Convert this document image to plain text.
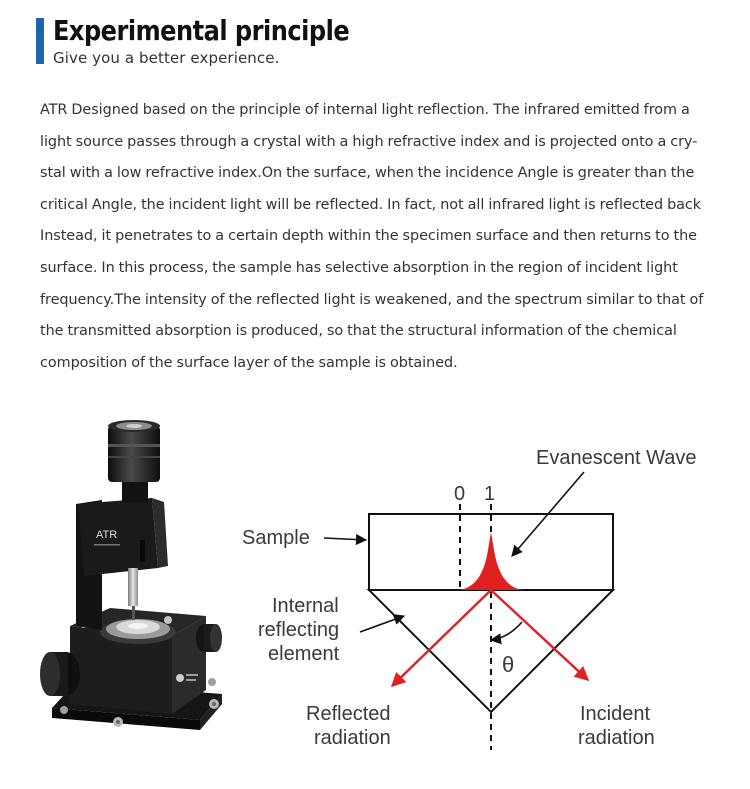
Experimental principle
Give you a better experience.

ATR Designed based on the principle of internal light reflection. The infrared emitted from a light source passes through a crystal with a high refractive index and is projected onto a cry-stal with a low refractive index.On the surface, when the incidence Angle is greater than the critical Angle, the incident light will be reflected. In fact, not all infrared light is reflected back Instead, it penetrates to a certain depth within the specimen surface and then returns to the surface. In this process, the sample has selective absorption in the region of incident light frequency.The intensity of the reflected light is weakened, and the spectrum similar to that of the transmitted absorption is produced, so that the structural information of the chemical composition of the surface layer of the sample is obtained.

ATR
Evanescent Wave
0 1
Sample
Internal
reflecting
element	θ
Reflected
radiation
Incident
radiation
